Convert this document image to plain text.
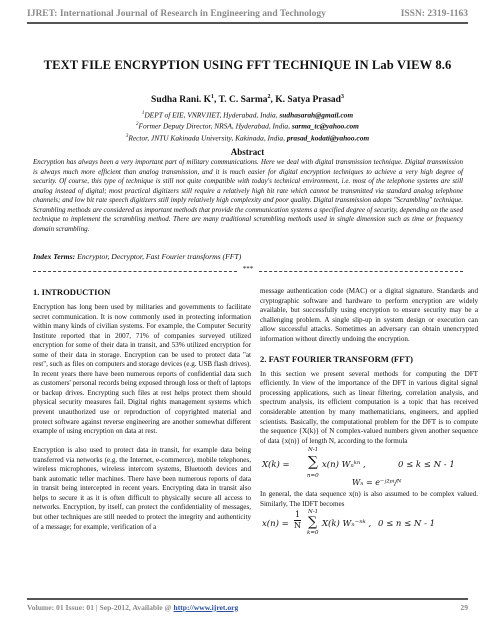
IJRET: International Journal of Research in Engineering and Technology	ISSN: 2319-1163
TEXT FILE ENCRYPTION USING FFT TECHNIQUE IN Lab VIEW 8.6
Sudha Rani. $K^1$, T. C. Sarma$^2$, K. Satya Prasad$^3$
$^1$DEPT of EIE, VNRVJIET, Hyderabad, India, sudhasarah@gmail.com
$^2$Former Deputy Director, NRSA, Hyderabad, India, sarma_tc@yahoo.com
$^3$Rector, JNTU Kakinada University, Kakinada, India, prasad_kodati@yahoo.com
Abstract
Encryption has always been a very important part of military communications. Here we deal with digital transmission technique. Digital transmission is always much more efficient than analog transmission, and it is much easier for digital encryption techniques to achieve a very high degree of security. Of course, this type of technique is still not quite compatible with today's technical environment, i.e. most of the telephone systems are still analog instead of digital; most practical digitizers still require a relatively high bit rate which cannot be transmitted via standard analog telephone channels; and low bit rate speech digitizers still imply relatively high complexity and poor quality. Digital transmission adopts "Scrambling" technique. Scrambling methods are considered as important methods that provide the communication systems a specified degree of security, depending on the used technique to implement the scrambling method. There are many traditional scrambling methods used in single dimension such as time or frequency domain scrambling.
Index Terms: Encryptor, Decryptor, Fast Fourier transforms (FFT)
***
1. INTRODUCTION
Encryption has long been used by militaries and governments to facilitate secret communication. It is now commonly used in protecting information within many kinds of civilian systems. For example, the Computer Security Institute reported that in 2007, 71% of companies surveyed utilized encryption for some of their data in transit, and 53% utilized encryption for some of their data in storage. Encryption can be used to protect data "at rest", such as files on computers and storage devices (e.g. USB flash drives). In recent years there have been numerous reports of confidential data such as customers' personal records being exposed through loss or theft of laptops or backup drives. Encrypting such files at rest helps protect them should physical security measures fail. Digital rights management systems which prevent unauthorized use or reproduction of copyrighted material and protect software against reverse engineering are another somewhat different example of using encryption on data at rest.
Encryption is also used to protect data in transit, for example data being transferred via networks (e.g. the Internet, e-commerce), mobile telephones, wireless microphones, wireless intercom systems, Bluetooth devices and bank automatic teller machines. There have been numerous reports of data in transit being intercepted in recent years. Encrypting data in transit also helps to secure it as it is often difficult to physically secure all access to networks. Encryption, by itself, can protect the confidentiality of messages, but other techniques are still needed to protect the integrity and authenticity of a message; for example, verification of a
message authentication code (MAC) or a digital signature. Standards and cryptographic software and hardware to perform encryption are widely available, but successfully using encryption to ensure security may be a challenging problem. A single slip-up in system design or execution can allow successful attacks. Sometimes an adversary can obtain unencrypted information without directly undoing the encryption.
2. FAST FOURIER TRANSFORM (FFT)
In this section we present several methods for computing the DFT efficiently. In view of the importance of the DFT in various digital signal processing applications, such as linear filtering, correlation analysis, and spectrum analysis, its efficient computation is a topic that has received considerable attention by many mathematicians, engineers, and applied scientists. Basically, the computational problem for the DFT is to compute the sequence {X(k)} of N complex-valued numbers given another sequence of data {x(n)} of length N, according to the formula
X(k) =
N-1
∑
n=0
x(n) Wₙᵏⁿ ,	0 ≤ k ≤ N - 1
Wₙ = e⁻ʲ²ᵖⁱ/ᴺ
In general, the data sequence x(n) is also assumed to be complex valued. Similarly, The IDFT becomes
$x(n) = \frac{1}{N} N-1$
∑
k=0
X(k) Wₙ⁻ⁿᵏ , 0 ≤ n ≤ N - 1
Volume: 01 Issue: 01 | Sep-2012, Available @ http://www.ijret.org	29
